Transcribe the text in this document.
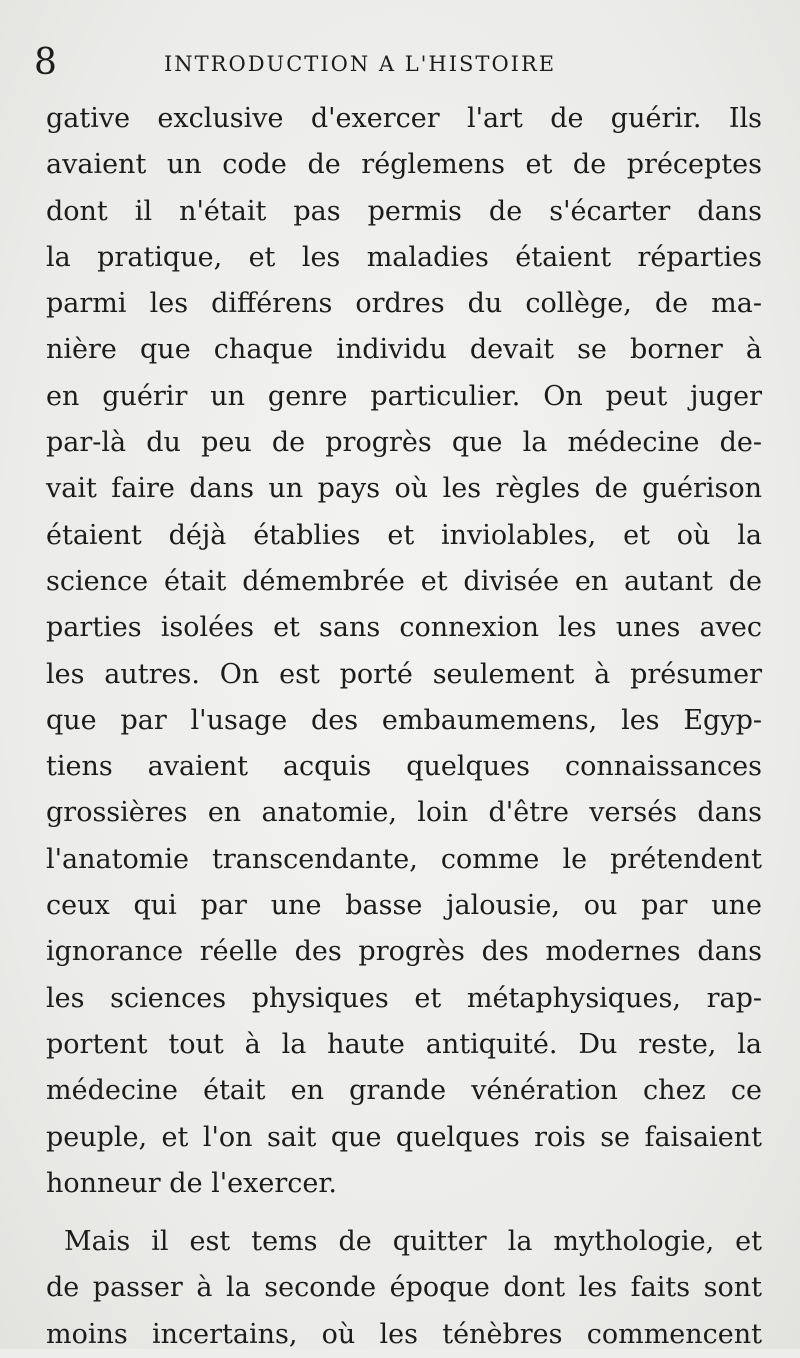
8	INTRODUCTION A L'HISTOIRE
gative exclusive d'exercer l'art de guérir. Ils
avaient un code de réglemens et de préceptes
dont il n'était pas permis de s'écarter dans
la pratique, et les maladies étaient réparties
parmi les différens ordres du collège, de ma-
nière que chaque individu devait se borner à
en guérir un genre particulier. On peut juger
par-là du peu de progrès que la médecine de-
vait faire dans un pays où les règles de guérison
étaient déjà établies et inviolables, et où la
science était démembrée et divisée en autant de
parties isolées et sans connexion les unes avec
les autres. On est porté seulement à présumer
que par l'usage des embaumemens, les Egyp-
tiens avaient acquis quelques connaissances
grossières en anatomie, loin d'être versés dans
l'anatomie transcendante, comme le prétendent
ceux qui par une basse jalousie, ou par une
ignorance réelle des progrès des modernes dans
les sciences physiques et métaphysiques, rap-
portent tout à la haute antiquité. Du reste, la
médecine était en grande vénération chez ce
peuple, et l'on sait que quelques rois se faisaient
honneur de l'exercer.
Mais il est tems de quitter la mythologie, et
de passer à la seconde époque dont les faits sont
moins incertains, où les ténèbres commencent
